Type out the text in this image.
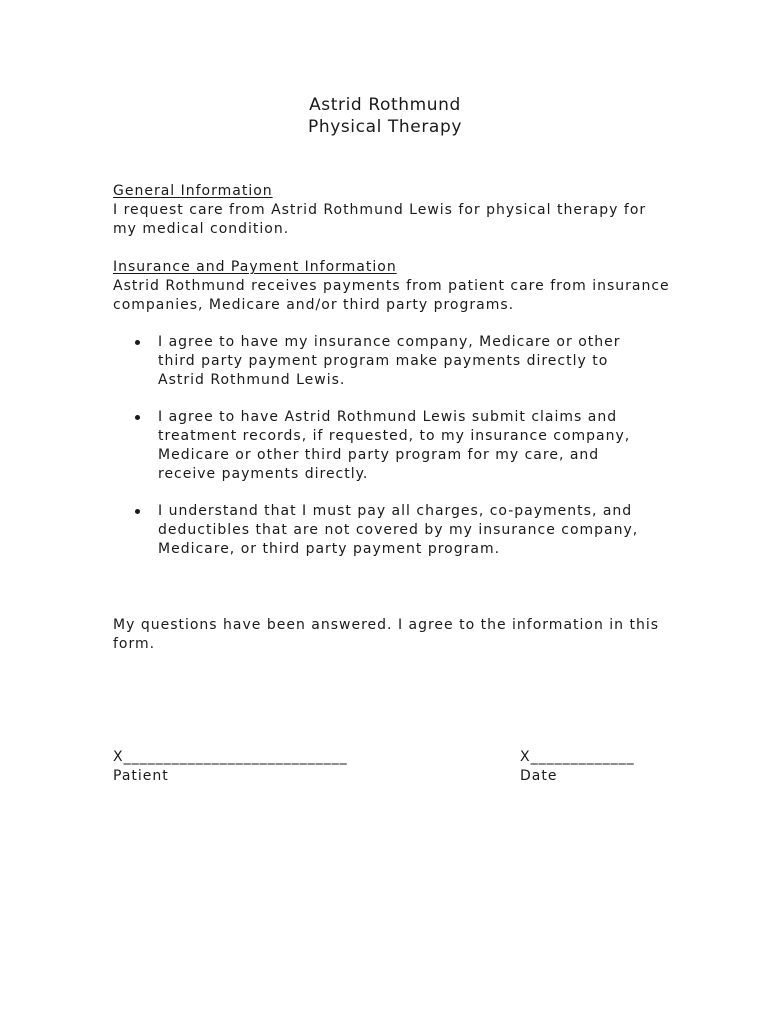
Astrid Rothmund
Physical Therapy
General Information
I request care from Astrid Rothmund Lewis for physical therapy for my medical condition.
Insurance and Payment Information
Astrid Rothmund receives payments from patient care from insurance companies, Medicare and/or third party programs.
I agree to have my insurance company, Medicare or other third party payment program make payments directly to Astrid Rothmund Lewis.
I agree to have Astrid Rothmund Lewis submit claims and treatment records, if requested, to my insurance company, Medicare or other third party program for my care, and receive payments directly.
I understand that I must pay all charges, co-payments, and deductibles that are not covered by my insurance company, Medicare, or third party payment program.
My questions have been answered. I agree to the information in this form.
X____________________________
Patient
X_____________
Date
